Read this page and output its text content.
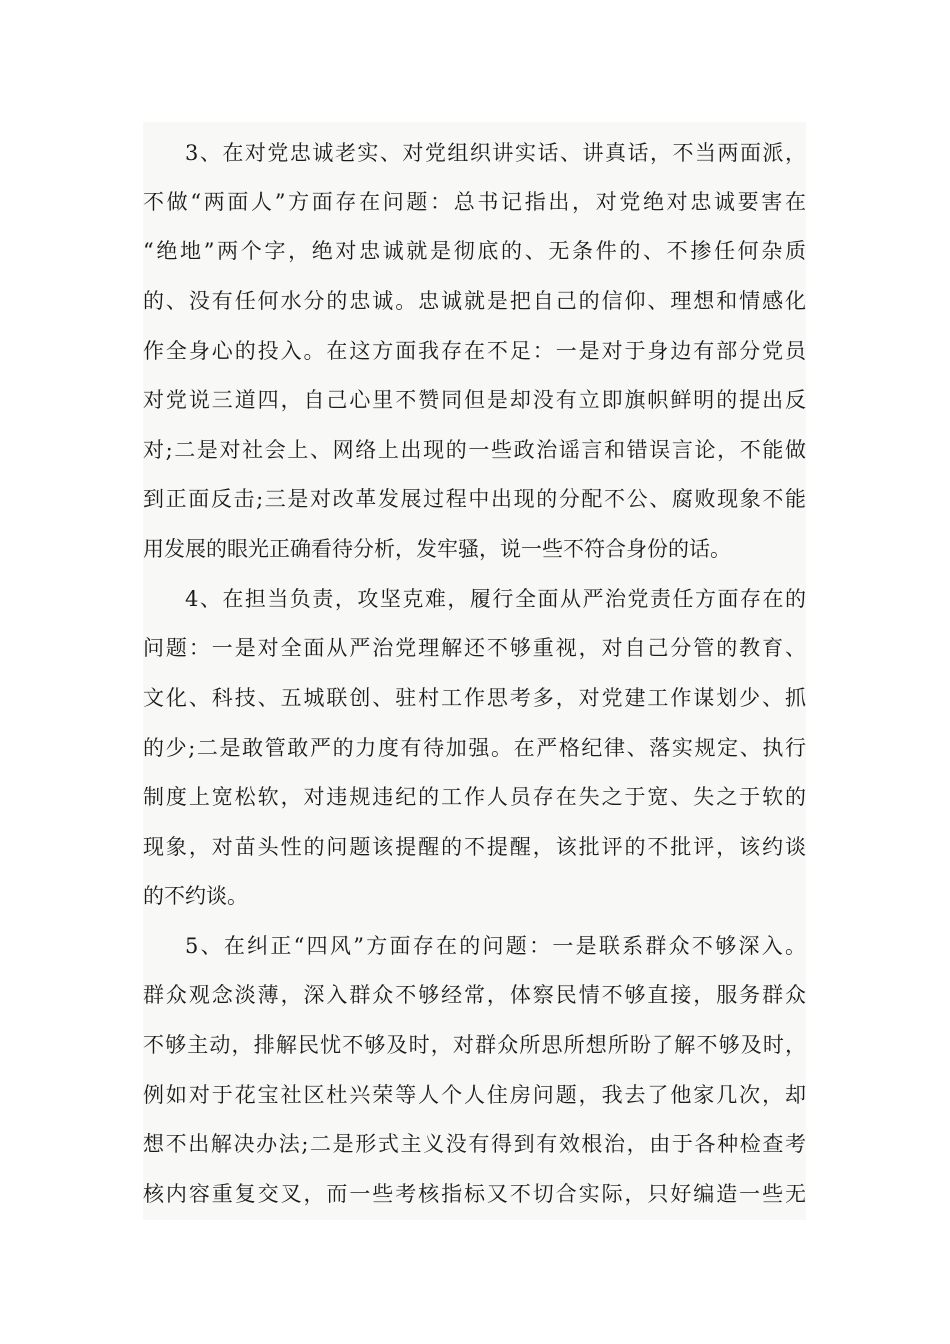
3、在对党忠诚老实、对党组织讲实话、讲真话，不当两面派，
不做“两面人”方面存在问题：总书记指出，对党绝对忠诚要害在
“绝地”两个字，绝对忠诚就是彻底的、无条件的、不掺任何杂质
的、没有任何水分的忠诚。忠诚就是把自己的信仰、理想和情感化
作全身心的投入。在这方面我存在不足：一是对于身边有部分党员
对党说三道四，自己心里不赞同但是却没有立即旗帜鲜明的提出反
对;二是对社会上、网络上出现的一些政治谣言和错误言论，不能做
到正面反击;三是对改革发展过程中出现的分配不公、腐败现象不能
用发展的眼光正确看待分析，发牢骚，说一些不符合身份的话。
4、在担当负责，攻坚克难，履行全面从严治党责任方面存在的
问题：一是对全面从严治党理解还不够重视，对自己分管的教育、
文化、科技、五城联创、驻村工作思考多，对党建工作谋划少、抓
的少;二是敢管敢严的力度有待加强。在严格纪律、落实规定、执行
制度上宽松软，对违规违纪的工作人员存在失之于宽、失之于软的
现象，对苗头性的问题该提醒的不提醒，该批评的不批评，该约谈
的不约谈。
5、在纠正“四风”方面存在的问题：一是联系群众不够深入。
群众观念淡薄，深入群众不够经常，体察民情不够直接，服务群众
不够主动，排解民忧不够及时，对群众所思所想所盼了解不够及时，
例如对于花宝社区杜兴荣等人个人住房问题，我去了他家几次，却
想不出解决办法;二是形式主义没有得到有效根治，由于各种检查考
核内容重复交叉，而一些考核指标又不切合实际，只好编造一些无
